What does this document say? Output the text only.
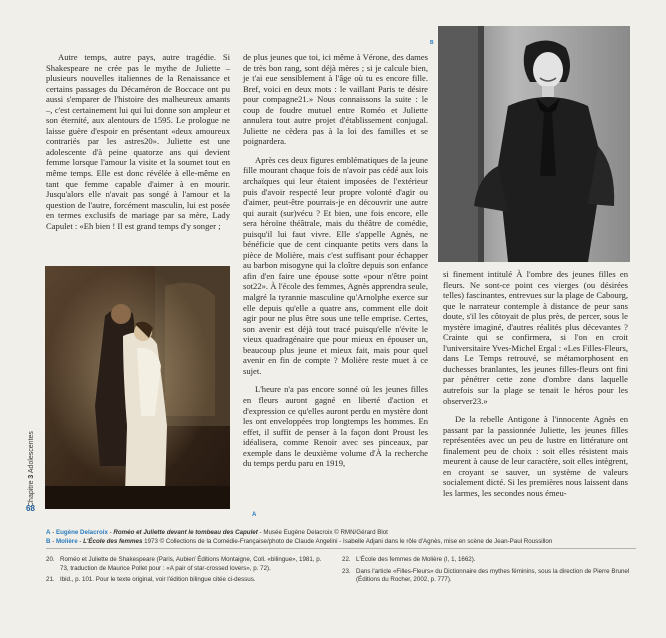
Autre temps, autre pays, autre tragédie. Si Shakespeare ne crée pas le mythe de Juliette – plusieurs nouvelles italiennes de la Renaissance et certains passages du Décaméron de Boccace ont pu aussi s'emparer de l'histoire des malheureux amants –, c'est certainement lui qui lui donne son ampleur et son éternité, aux alentours de 1595. Le prologue ne laisse guère d'espoir en présentant «deux amoureux contrariés par les astres20». Juliette est une adolescente d'à peine quatorze ans qui devient femme lorsque l'amour la visite et la soumet tout en même temps. Elle est donc révélée à elle-même en tant que femme capable d'aimer à en mourir. Jusqu'alors elle n'avait pas songé à l'amour et la question de l'autre, forcément masculin, lui est posée en termes exclusifs de mariage par sa mère, Lady Capulet : «Eh bien ! Il est grand temps d'y songer ;

A

de plus jeunes que toi, ici même à Vérone, des dames de très bon rang, sont déjà mères ; si je calcule bien, je t'ai eue sensiblement à l'âge où tu es encore fille. Bref, voici en deux mots : le vaillant Paris te désire pour compagne21.» Nous connaissons la suite : le coup de foudre mutuel entre Roméo et Juliette annulera tout autre projet d'établissement conjugal. Juliette ne cèdera pas à la loi des familles et se poignardera.

Après ces deux figures emblématiques de la jeune fille mourant chaque fois de n'avoir pas cédé aux lois archaïques qui leur étaient imposées de l'extérieur puis d'avoir respecté leur propre volonté d'agir ou d'aimer, peut-être pourrais-je en découvrir une autre qui aurait (sur)vécu ? Et bien, une fois encore, elle sera héroïne théâtrale, mais du théâtre de comédie, puisqu'il lui faut vivre. Elle s'appelle Agnès, ne bénéficie que de cent cinquante petits vers dans la pièce de Molière, mais c'est suffisant pour échapper au barbon misogyne qui la cloître depuis son enfance afin d'en faire une épouse sotte «pour n'être point sot22». À l'école des femmes, Agnès apprendra seule, malgré la tyrannie masculine qu'Arnolphe exerce sur elle depuis qu'elle a quatre ans, comment elle doit agir pour ne plus être sous une telle emprise. Certes, son avenir est déjà tout tracé puisqu'elle n'évite le vieux quadragénaire que pour mieux en épouser un, beaucoup plus jeune et mieux fait, mais pour quel avenir en fin de compte ? Molière reste muet à ce sujet.

L'heure n'a pas encore sonné où les jeunes filles en fleurs auront gagné en liberté d'action et d'expression ce qu'elles auront perdu en mystère dont les ont enveloppées trop longtemps les hommes. En effet, il suffit de penser à la façon dont Proust les idéalisera, comme Renoir avec ses pinceaux, par exemple dans le deuxième volume d'À la recherche du temps perdu paru en 1919,

B

si finement intitulé À l'ombre des jeunes filles en fleurs. Ne sont-ce point ces vierges (ou désirées telles) fascinantes, entrevues sur la plage de Cabourg, que le narrateur contemple à distance de peur sans doute, s'il les côtoyait de plus près, de percer, sous le mystère imaginé, d'autres réalités plus décevantes ? Crainte qui se confirmera, si l'on en croit l'universitaire Yves-Michel Ergal : «Les Filles-Fleurs, dans Le Temps retrouvé, se métamorphosent en duchesses branlantes, les jeunes filles-fleurs ont fini par pénétrer cette zone d'ombre dans laquelle autrefois sur la plage se tenait le héros pour les observer23.»

De la rebelle Antigone à l'innocente Agnès en passant par la passionnée Juliette, les jeunes filles représentées avec un peu de lustre en littérature ont finalement peu de choix : soit elles résistent mais meurent à cause de leur caractère, soit elles intègrent, en croyant se sauver, un système de valeurs socialement dicté. Si les premières nous laissent dans les larmes, les secondes nous émeu-

Chapitre 3 Adolescentes
68
A - Eugène Delacroix - Roméo et Juliette devant le tombeau des Capulet - Musée Eugène Delacroix © RMN/Gérard Blot
B - Molière - L'École des femmes 1973 © Collections de la Comédie-Française/photo de Claude Angelini - Isabelle Adjani dans le rôle d'Agnès, mise en scène de Jean-Paul Roussillon

20. Roméo et Juliette de Shakespeare (Paris, Aubier/ Éditions Montaigne, Coll. «bilingue», 1981, p. 73, traduction de Maurice Pollet pour : «A pair of star-crossed lovers», p. 72).

21. Ibid., p. 101. Pour le texte original, voir l'édition bilingue citée ci-dessus.

22. L'École des femmes de Molière (I, 1, 1662).

23. Dans l'article «Filles-Fleurs» du Dictionnaire des mythes féminins, sous la direction de Pierre Brunel (Éditions du Rocher, 2002, p. 777).
